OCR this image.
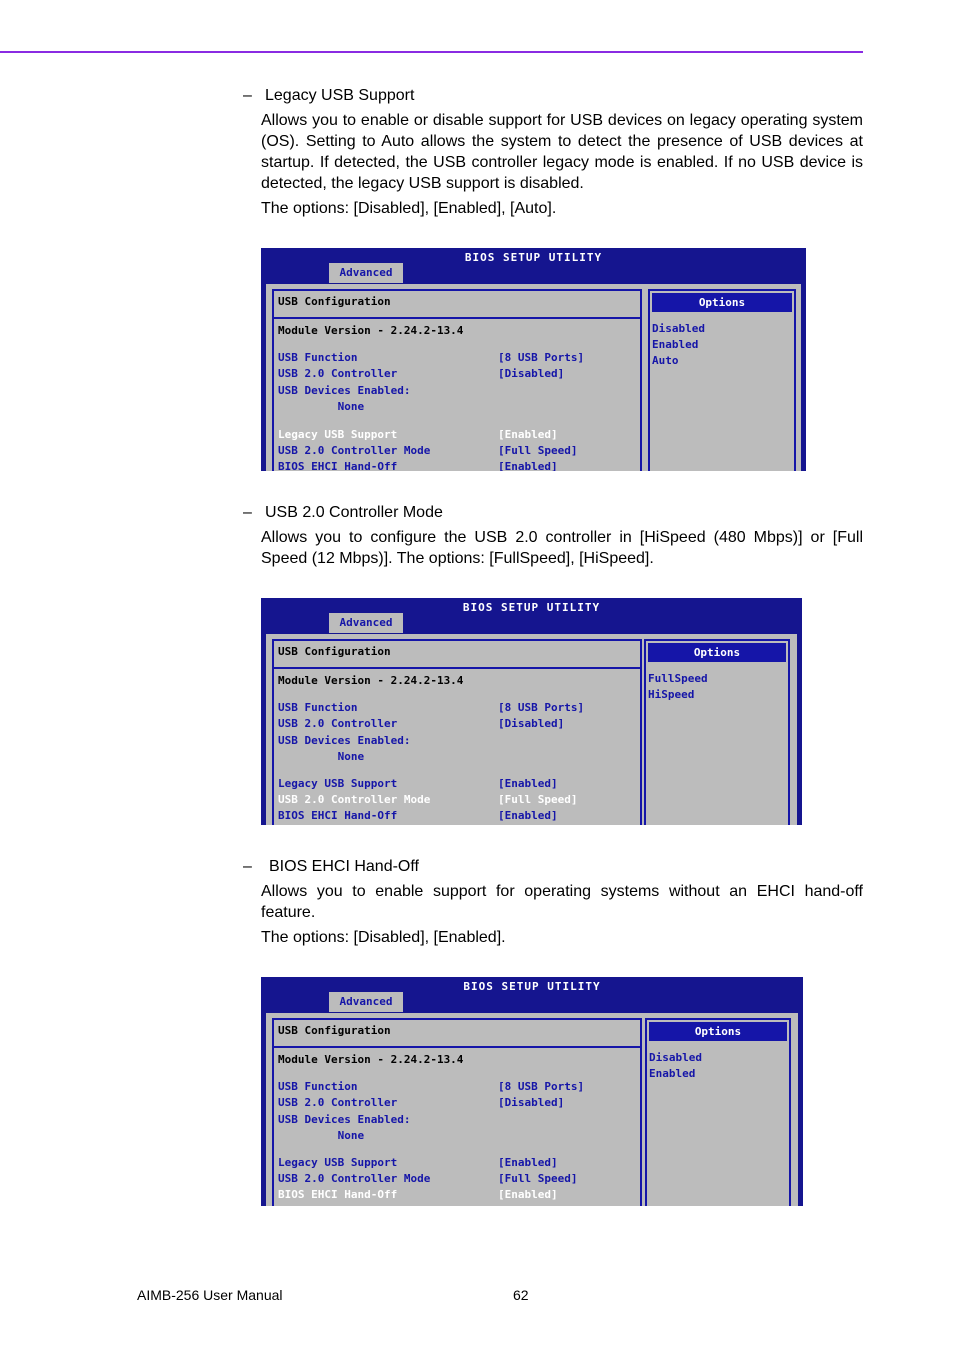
– Legacy USB Support
Allows you to enable or disable support for USB devices on legacy operating system (OS). Setting to Auto allows the system to detect the presence of USB devices at startup. If detected, the USB controller legacy mode is enabled. If no USB device is detected, the legacy USB support is disabled.
The options: [Disabled], [Enabled], [Auto].
BIOS SETUP UTILITY
Advanced
USB Configuration
Module Version - 2.24.2-13.4
USB Function	[8 USB Ports]
USB 2.0 Controller	[Disabled]
USB Devices Enabled:
None
Legacy USB Support	[Enabled]
USB 2.0 Controller Mode	[Full Speed]
BIOS EHCI Hand-Off	[Enabled]
Options
Disabled
Enabled
Auto
– USB 2.0 Controller Mode
Allows you to configure the USB 2.0 controller in [HiSpeed (480 Mbps)] or [Full Speed (12 Mbps)]. The options: [FullSpeed], [HiSpeed].
BIOS SETUP UTILITY
Advanced
USB Configuration
Module Version - 2.24.2-13.4
USB Function	[8 USB Ports]
USB 2.0 Controller	[Disabled]
USB Devices Enabled:
None
Legacy USB Support	[Enabled]
USB 2.0 Controller Mode	[Full Speed]
BIOS EHCI Hand-Off	[Enabled]
Options
FullSpeed
HiSpeed
– BIOS EHCI Hand-Off
Allows you to enable support for operating systems without an EHCI hand-off feature.
The options: [Disabled], [Enabled].
BIOS SETUP UTILITY
Advanced
USB Configuration
Module Version - 2.24.2-13.4
USB Function	[8 USB Ports]
USB 2.0 Controller	[Disabled]
USB Devices Enabled:
None
Legacy USB Support	[Enabled]
USB 2.0 Controller Mode	[Full Speed]
BIOS EHCI Hand-Off	[Enabled]
Options
Disabled
Enabled
AIMB-256 User Manual	62
